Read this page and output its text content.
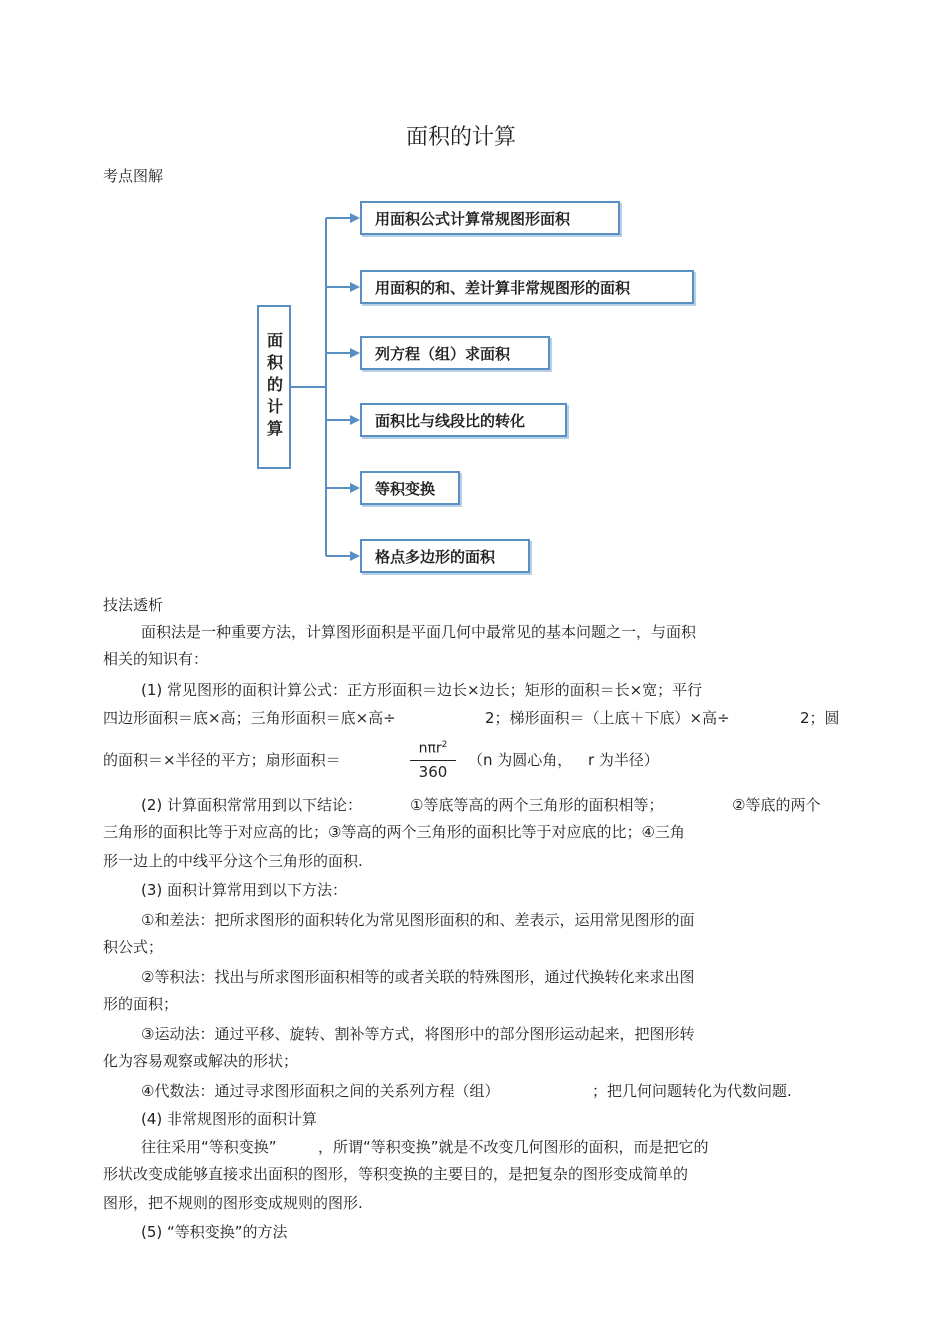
面积的计算
考点图解
面积的计算
用面积公式计算常规图形面积
用面积的和、差计算非常规图形的面积
列方程（组）求面积
面积比与线段比的转化
等积变换
格点多边形的面积
技法透析
面积法是一种重要方法，计算图形面积是平面几何中最常见的基本问题之一，与面积
相关的知识有：
(1) 常见图形的面积计算公式：正方形面积＝边长×边长；矩形的面积＝长×宽；平行
四边形面积＝底×高；三角形面积＝底×高÷	2；梯形面积＝（上底＋下底）×高÷	2；圆
的面积＝×半径的平方；扇形面积＝
nπr$^2$
360
（n 为圆心角， r 为半径）
(2) 计算面积常常用到以下结论：	①等底等高的两个三角形的面积相等；	②等底的两个
三角形的面积比等于对应高的比；③等高的两个三角形的面积比等于对应底的比；④三角
形一边上的中线平分这个三角形的面积.
(3) 面积计算常用到以下方法：
①和差法：把所求图形的面积转化为常见图形面积的和、差表示，运用常见图形的面
积公式；
②等积法：找出与所求图形面积相等的或者关联的特殊图形，通过代换转化来求出图
形的面积；
③运动法：通过平移、旋转、割补等方式，将图形中的部分图形运动起来，把图形转
化为容易观察或解决的形状；
④代数法：通过寻求图形面积之间的关系列方程（组）	；把几何问题转化为代数问题.
(4) 非常规图形的面积计算
往往采用“等积变换”	，所谓“等积变换”就是不改变几何图形的面积，而是把它的
形状改变成能够直接求出面积的图形，等积变换的主要目的，是把复杂的图形变成简单的
图形，把不规则的图形变成规则的图形.
(5) “等积变换”的方法
